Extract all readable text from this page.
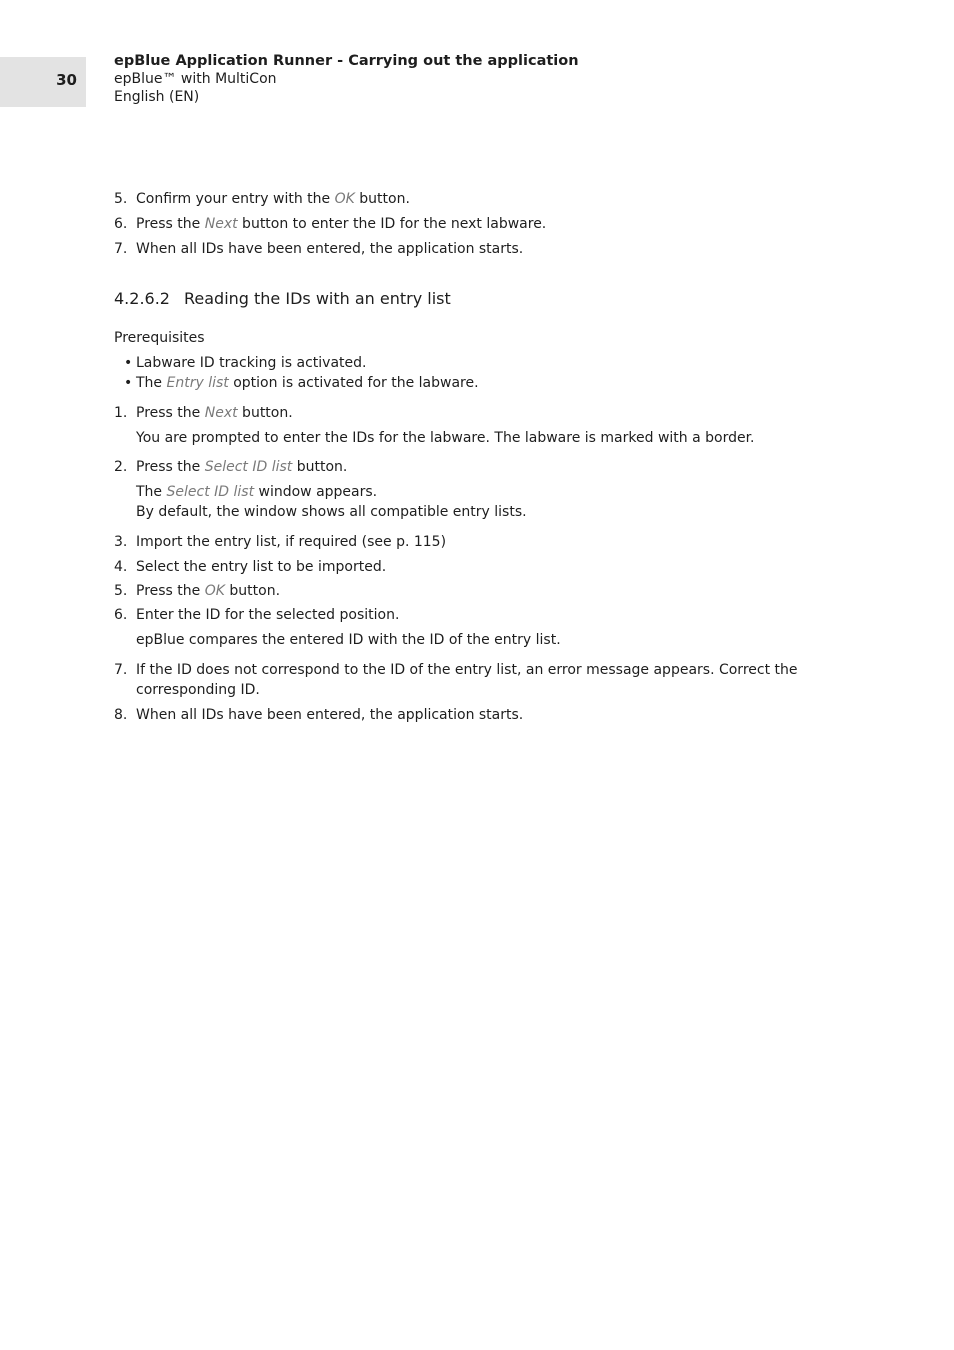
30
epBlue Application Runner - Carrying out the application
epBlue™ with MultiCon
English (EN)
5. Confirm your entry with the OK button.
6. Press the Next button to enter the ID for the next labware.
7. When all IDs have been entered, the application starts.
4.2.6.2 Reading the IDs with an entry list
Prerequisites
• Labware ID tracking is activated.
• The Entry list option is activated for the labware.
1. Press the Next button.
You are prompted to enter the IDs for the labware. The labware is marked with a border.
2. Press the Select ID list button.
The Select ID list window appears.
By default, the window shows all compatible entry lists.
3. Import the entry list, if required (see p. 115)
4. Select the entry list to be imported.
5. Press the OK button.
6. Enter the ID for the selected position.
epBlue compares the entered ID with the ID of the entry list.
7. If the ID does not correspond to the ID of the entry list, an error message appears. Correct the corresponding ID.
8. When all IDs have been entered, the application starts.
